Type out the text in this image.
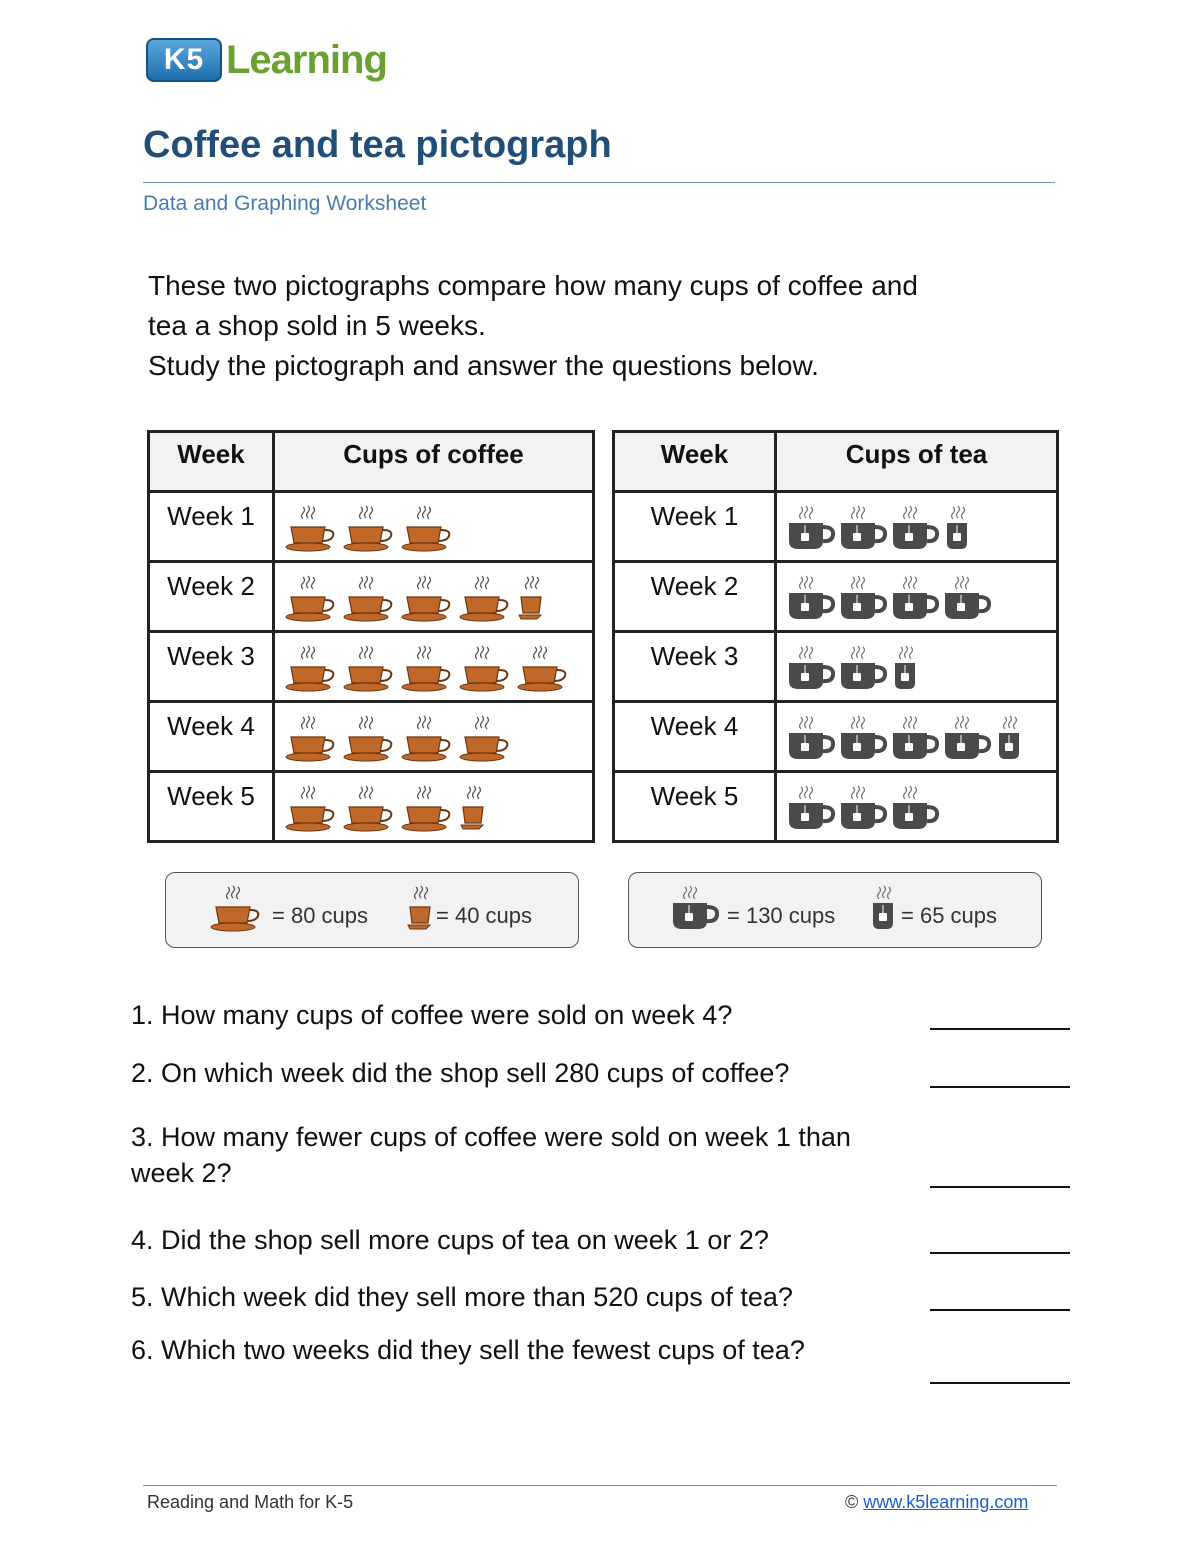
K5 Learning
Coffee and tea pictograph
Data and Graphing Worksheet
These two pictographs compare how many cups of coffee and
tea a shop sold in 5 weeks.
Study the pictograph and answer the questions below.
Week	Cups of coffee
Week 1	
Week 2	
Week 3	
Week 4	
Week 5	
Week	Cups of tea
Week 1	
Week 2	
Week 3	
Week 4	
Week 5	
= 80 cups	= 40 cups	= 130 cups	= 65 cups
1. How many cups of coffee were sold on week 4?
2. On which week did the shop sell 280 cups of coffee?
3. How many fewer cups of coffee were sold on week 1 than week 2?
4. Did the shop sell more cups of tea on week 1 or 2?
5. Which week did they sell more than 520 cups of tea?
6. Which two weeks did they sell the fewest cups of tea?
Reading and Math for K-5	© www.k5learning.com
